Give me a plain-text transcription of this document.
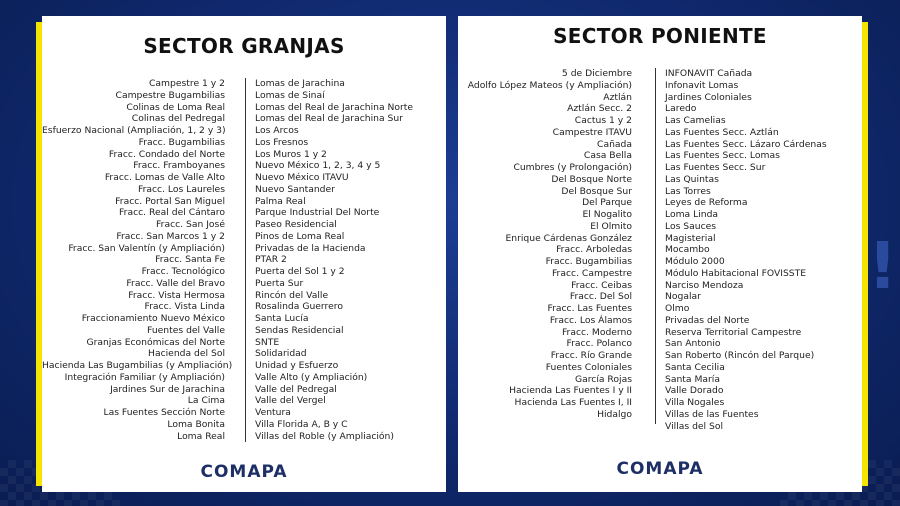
!
SECTOR GRANJAS
Campestre 1 y 2
Campestre Bugambilias
Colinas de Loma Real
Colinas del Pedregal
Esfuerzo Nacional (Ampliación, 1, 2 y 3)
Fracc. Bugambilias
Fracc. Condado del Norte
Fracc. Framboyanes
Fracc. Lomas de Valle Alto
Fracc. Los Laureles
Fracc. Portal San Miguel
Fracc. Real del Cántaro
Fracc. San José
Fracc. San Marcos 1 y 2
Fracc. San Valentín (y Ampliación)
Fracc. Santa Fe
Fracc. Tecnológico
Fracc. Valle del Bravo
Fracc. Vista Hermosa
Fracc. Vista Linda
Fraccionamiento Nuevo México
Fuentes del Valle
Granjas Económicas del Norte
Hacienda del Sol
Hacienda Las Bugambilias (y Ampliación)
Integración Familiar (y Ampliación)
Jardines Sur de Jarachina
La Cima
Las Fuentes Sección Norte
Loma Bonita
Loma Real
Lomas de Jarachina
Lomas de Sinaí
Lomas del Real de Jarachina Norte
Lomas del Real de Jarachina Sur
Los Arcos
Los Fresnos
Los Muros 1 y 2
Nuevo México 1, 2, 3, 4 y 5
Nuevo México ITAVU
Nuevo Santander
Palma Real
Parque Industrial Del Norte
Paseo Residencial
Pinos de Loma Real
Privadas de la Hacienda
PTAR 2
Puerta del Sol 1 y 2
Puerta Sur
Rincón del Valle
Rosalinda Guerrero
Santa Lucía
Sendas Residencial
SNTE
Solidaridad
Unidad y Esfuerzo
Valle Alto (y Ampliación)
Valle del Pedregal
Valle del Vergel
Ventura
Villa Florida A, B y C
Villas del Roble (y Ampliación)
COMAPA
SECTOR PONIENTE
5 de Diciembre
Adolfo López Mateos (y Ampliación)
Aztlán
Aztlán Secc. 2
Cactus 1 y 2
Campestre ITAVU
Cañada
Casa Bella
Cumbres (y Prolongación)
Del Bosque Norte
Del Bosque Sur
Del Parque
El Nogalito
El Olmito
Enrique Cárdenas González
Fracc. Arboledas
Fracc. Bugambilias
Fracc. Campestre
Fracc. Ceibas
Fracc. Del Sol
Fracc. Las Fuentes
Fracc. Los Álamos
Fracc. Moderno
Fracc. Polanco
Fracc. Río Grande
Fuentes Coloniales
García Rojas
Hacienda Las Fuentes I y II
Hacienda Las Fuentes I, II
Hidalgo
INFONAVIT Cañada
Infonavit Lomas
Jardines Coloniales
Laredo
Las Camelias
Las Fuentes Secc. Aztlán
Las Fuentes Secc. Lázaro Cárdenas
Las Fuentes Secc. Lomas
Las Fuentes Secc. Sur
Las Quintas
Las Torres
Leyes de Reforma
Loma Linda
Los Sauces
Magisterial
Mocambo
Módulo 2000
Módulo Habitacional FOVISSTE
Narciso Mendoza
Nogalar
Olmo
Privadas del Norte
Reserva Territorial Campestre
San Antonio
San Roberto (Rincón del Parque)
Santa Cecilia
Santa María
Valle Dorado
Villa Nogales
Villas de las Fuentes
Villas del Sol
COMAPA
